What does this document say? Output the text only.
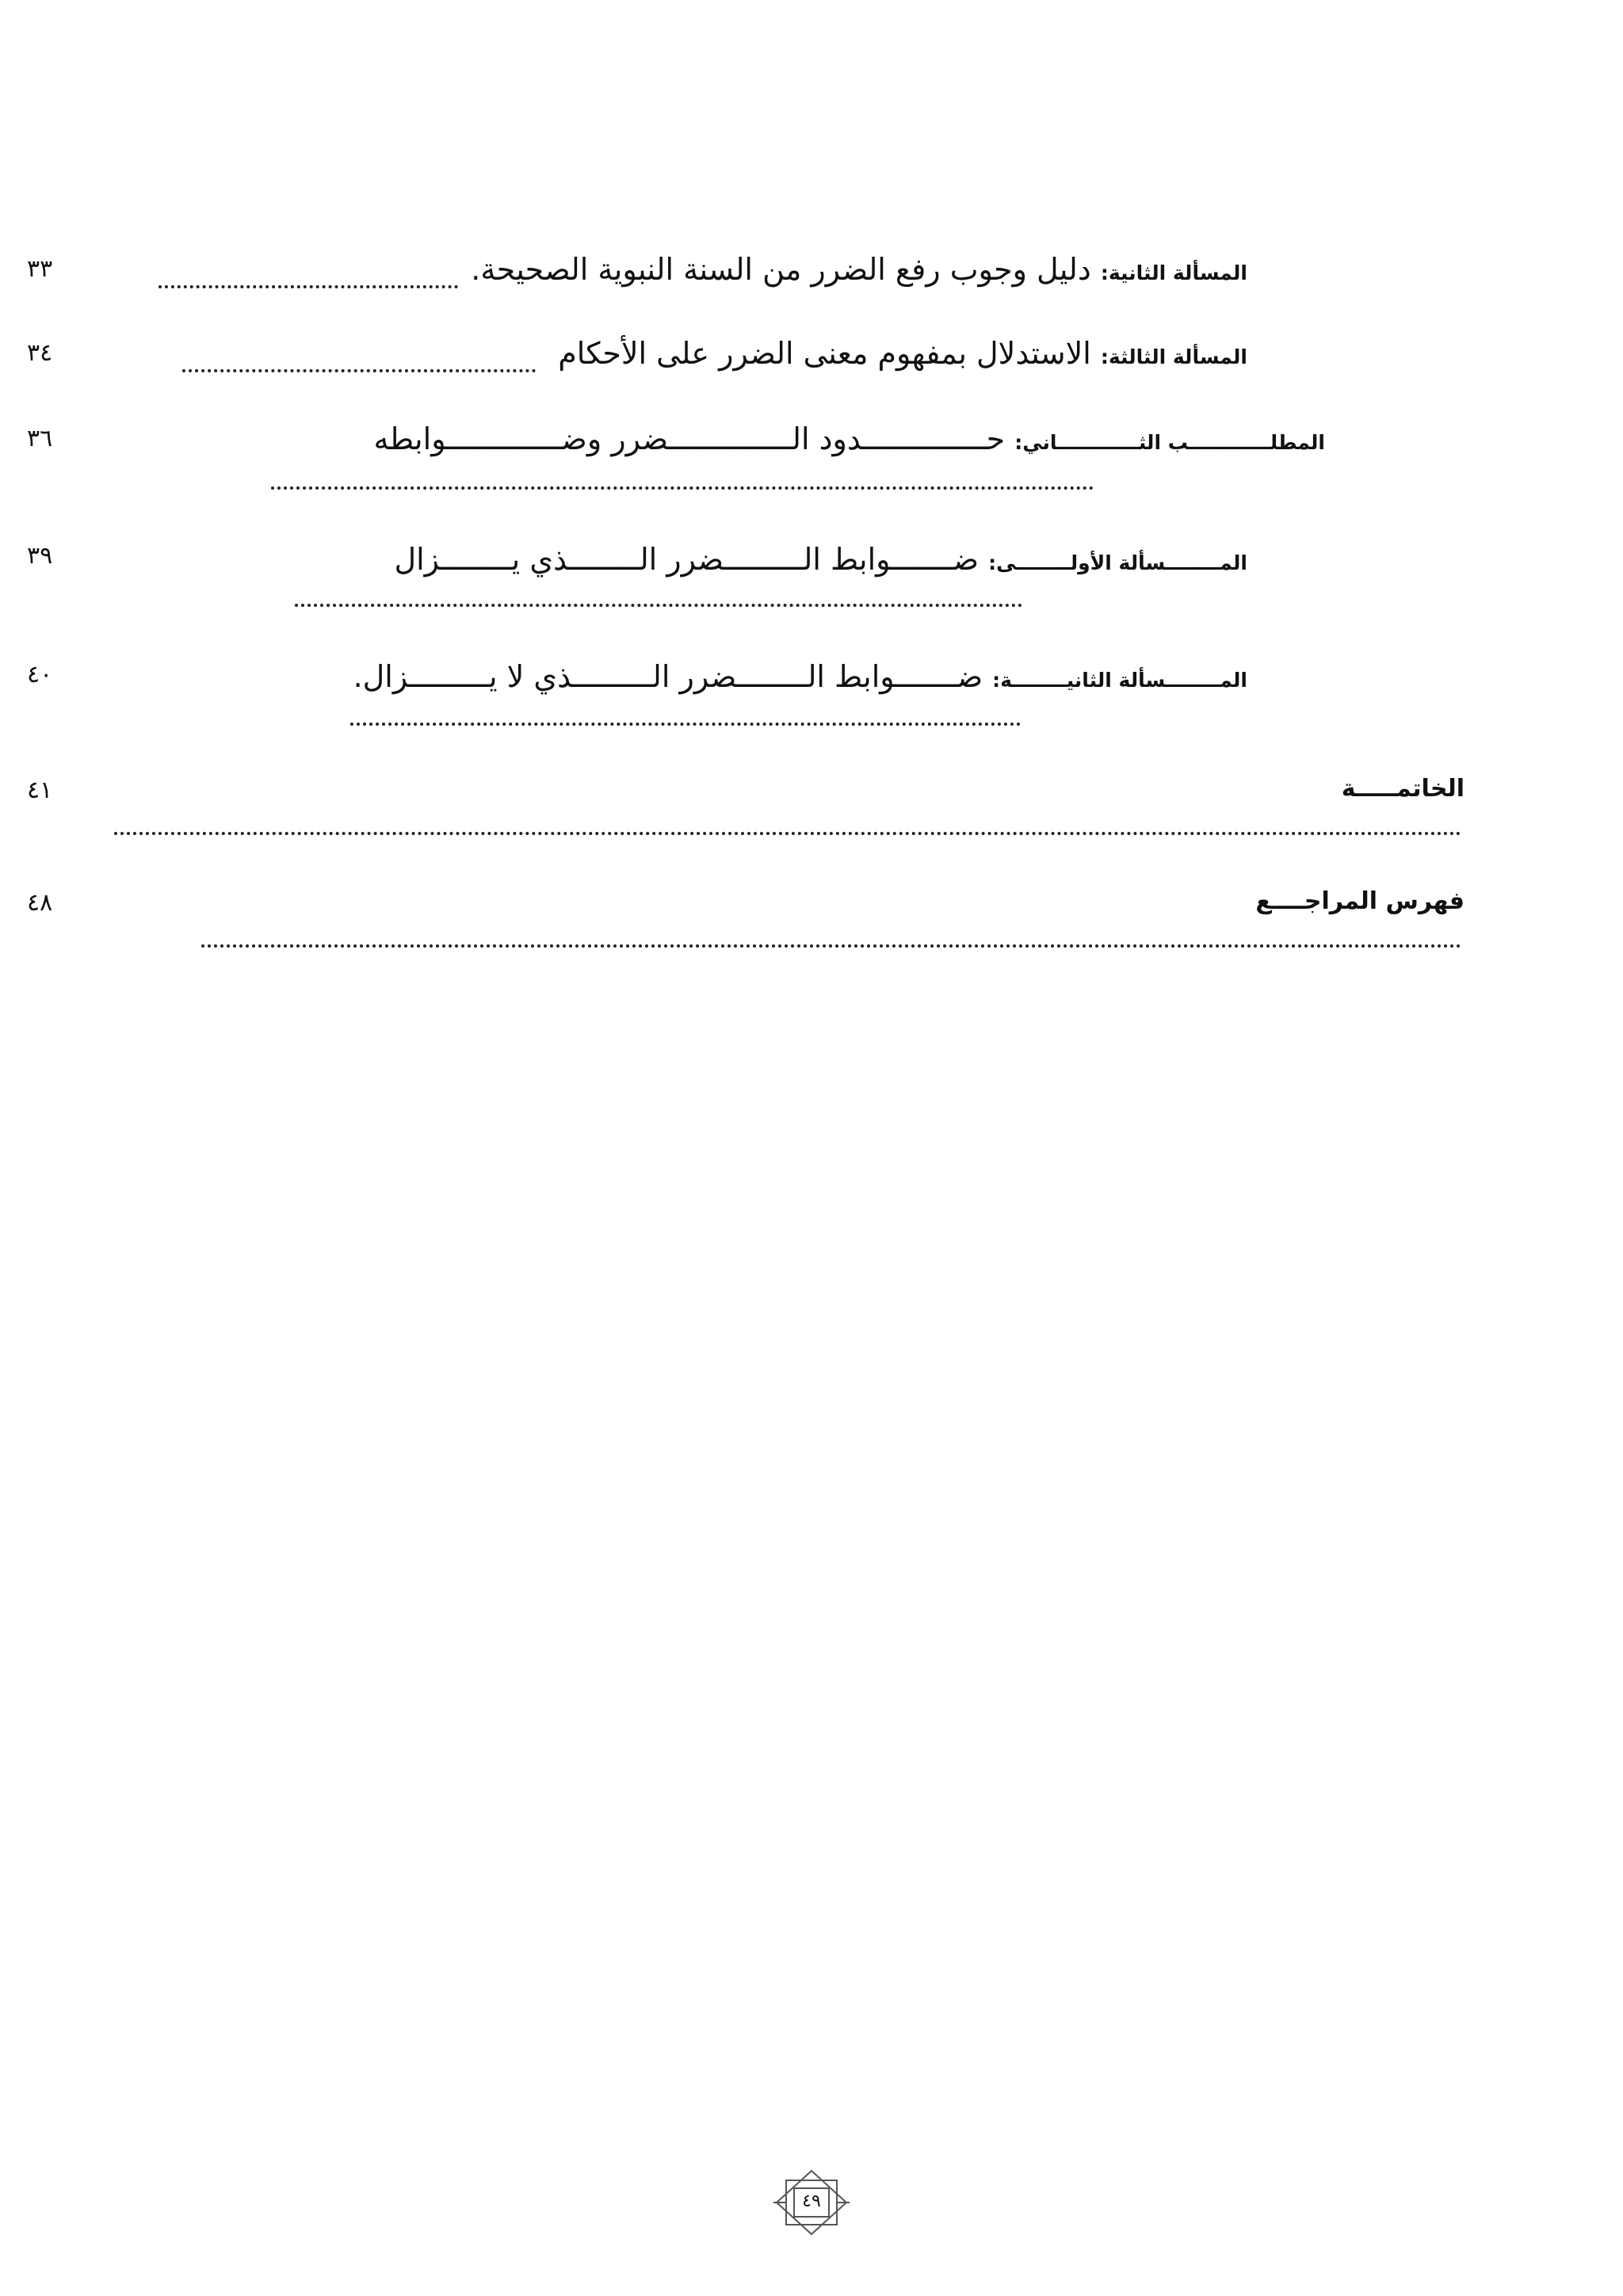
المسألة الثانية: دليل وجوب رفع الضرر من السنة النبوية الصحيحة.
٣٣
المسألة الثالثة: الاستدلال بمفهوم معنى الضرر على الأحكام
٣٤
المطلــــــــــــب الثــــــــــــاني: حــــــــــــــدود الــــــــــــــضرر وضـــــــــــــوابطه
٣٦
المــــــــسألة الأولــــــــى: ضـــــــوابط الـــــــــضرر الــــــــذي يــــــــزال
٣٩
المــــــــسألة الثانيــــــــة: ضـــــــوابط الــــــــضرر الـــــــــذي لا يـــــــــزال.
٤٠
الخاتمـــــة
٤١
فهرس المراجــــع
٤٨
٤٩
